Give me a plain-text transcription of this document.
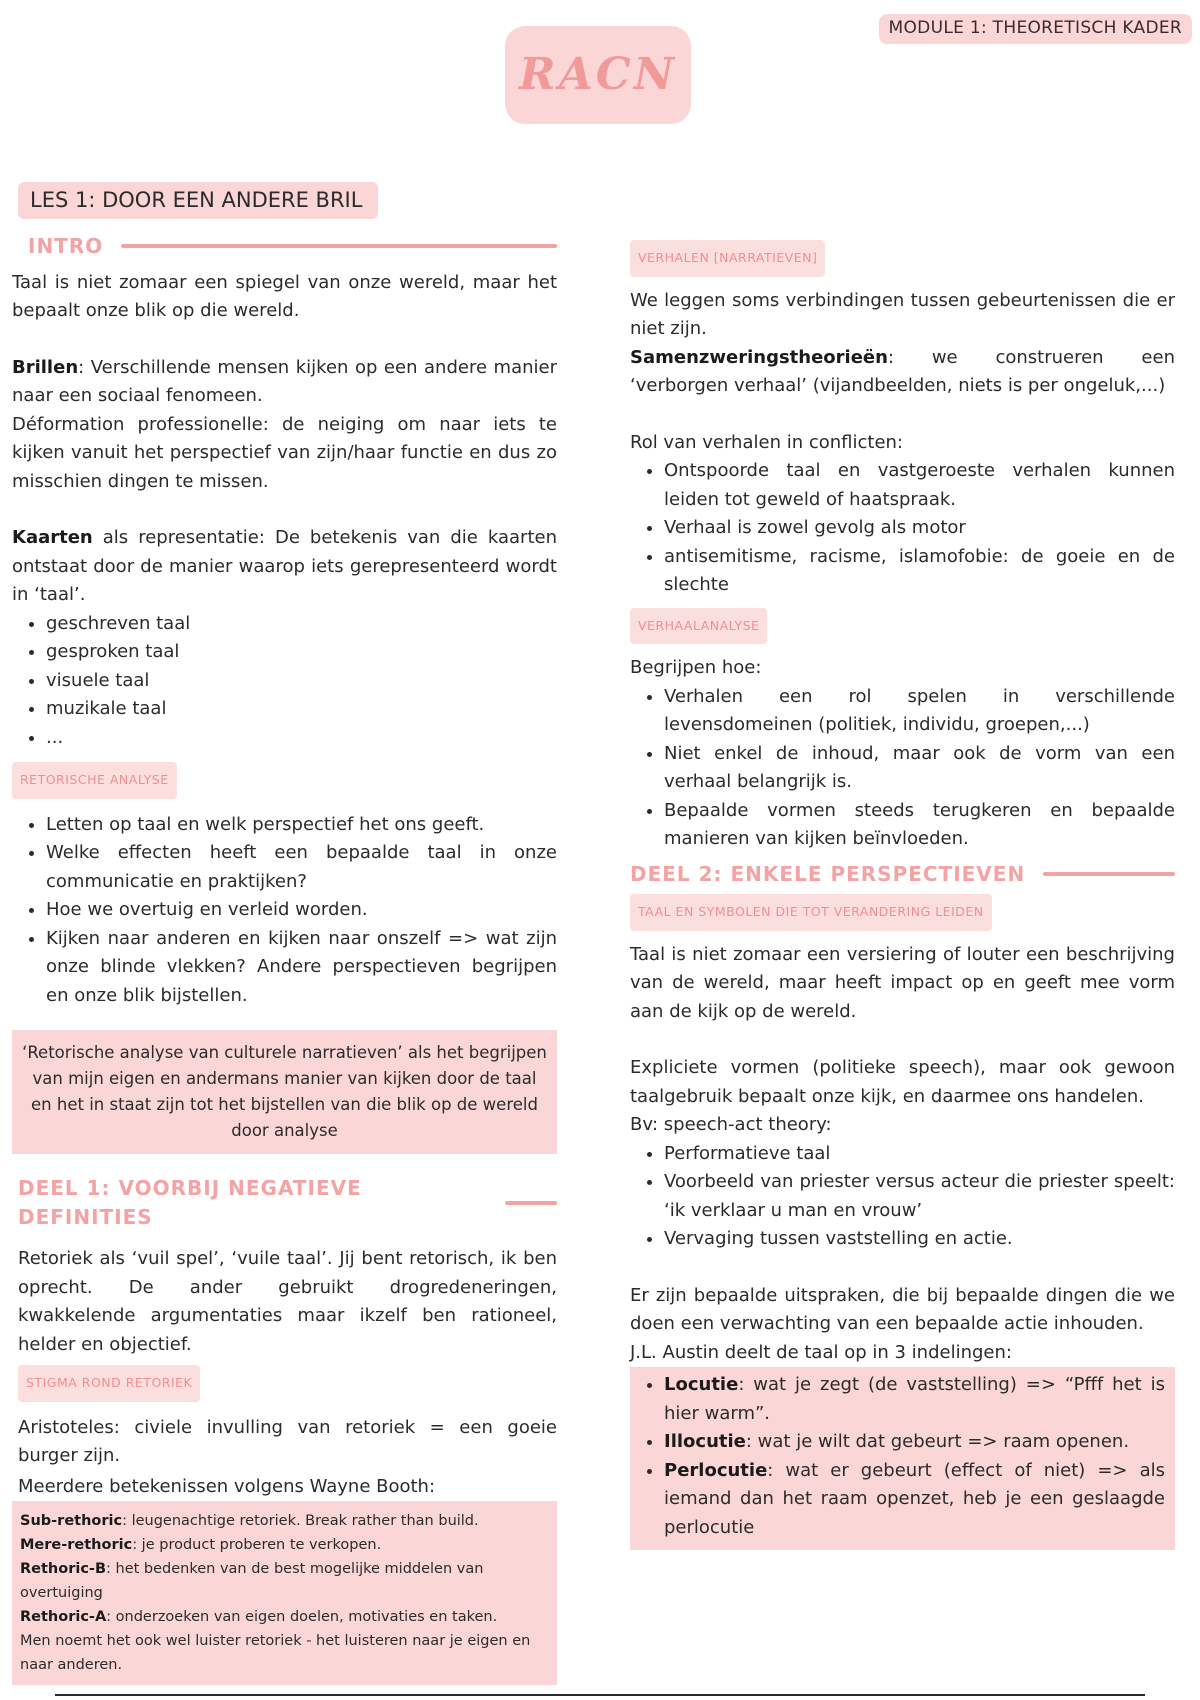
MODULE 1: THEORETISCH KADER
RACN
LES 1: DOOR EEN ANDERE BRIL
INTRO

Taal is niet zomaar een spiegel van onze wereld, maar het bepaalt onze blik op die wereld.

Brillen: Verschillende mensen kijken op een andere manier naar een sociaal fenomeen.

Déformation professionelle: de neiging om naar iets te kijken vanuit het perspectief van zijn/haar functie en dus zo misschien dingen te missen.

Kaarten als representatie: De betekenis van die kaarten ontstaat door de manier waarop iets gerepresenteerd wordt in ‘taal’.

• geschreven taal
• gesproken taal
• visuele taal
• muzikale taal
• ...
RETORISCHE ANALYSE
• Letten op taal en welk perspectief het ons geeft.
• Welke effecten heeft een bepaalde taal in onze communicatie en praktijken?
• Hoe we overtuig en verleid worden.
• Kijken naar anderen en kijken naar onszelf => wat zijn onze blinde vlekken? Andere perspectieven begrijpen en onze blik bijstellen.
‘Retorische analyse van culturele narratieven’ als het begrijpen van mijn eigen en andermans manier van kijken door de taal en het in staat zijn tot het bijstellen van die blik op de wereld door analyse
DEEL 1: VOORBIJ NEGATIEVE DEFINITIES

Retoriek als ‘vuil spel’, ‘vuile taal’. Jij bent retorisch, ik ben oprecht. De ander gebruikt drogredeneringen, kwakkelende argumentaties maar ikzelf ben rationeel, helder en objectief.

STIGMA ROND RETORIEK

Aristoteles: civiele invulling van retoriek = een goeie burger zijn.

Meerdere betekenissen volgens Wayne Booth:

Sub-rethoric: leugenachtige retoriek. Break rather than build.
Mere-rethoric: je product proberen te verkopen.
Rethoric-B: het bedenken van de best mogelijke middelen van overtuiging
Rethoric-A: onderzoeken van eigen doelen, motivaties en taken.
Men noemt het ook wel luister retoriek - het luisteren naar je eigen en naar anderen.
VERHALEN [NARRATIEVEN]

We leggen soms verbindingen tussen gebeurtenissen die er niet zijn.

Samenzweringstheorieën: we construeren een ‘verborgen verhaal’ (vijandbeelden, niets is per ongeluk,...)

Rol van verhalen in conflicten:

• Ontspoorde taal en vastgeroeste verhalen kunnen leiden tot geweld of haatspraak.
• Verhaal is zowel gevolg als motor
• antisemitisme, racisme, islamofobie: de goeie en de slechte
VERHAALANALYSE

Begrijpen hoe:

• Verhalen een rol spelen in verschillende levensdomeinen (politiek, individu, groepen,...)
• Niet enkel de inhoud, maar ook de vorm van een verhaal belangrijk is.
• Bepaalde vormen steeds terugkeren en bepaalde manieren van kijken beïnvloeden.
DEEL 2: ENKELE PERSPECTIEVEN
TAAL EN SYMBOLEN DIE TOT VERANDERING LEIDEN

Taal is niet zomaar een versiering of louter een beschrijving van de wereld, maar heeft impact op en geeft mee vorm aan de kijk op de wereld.

Expliciete vormen (politieke speech), maar ook gewoon taalgebruik bepaalt onze kijk, en daarmee ons handelen.

Bv: speech-act theory:

• Performatieve taal
• Voorbeeld van priester versus acteur die priester speelt: ‘ik verklaar u man en vrouw’
• Vervaging tussen vaststelling en actie.

Er zijn bepaalde uitspraken, die bij bepaalde dingen die we doen een verwachting van een bepaalde actie inhouden.

J.L. Austin deelt de taal op in 3 indelingen:

• Locutie: wat je zegt (de vaststelling) => “Pfff het is hier warm”.
• Illocutie: wat je wilt dat gebeurt => raam openen.
• Perlocutie: wat er gebeurt (effect of niet) => als iemand dan het raam openzet, heb je een geslaagde perlocutie
